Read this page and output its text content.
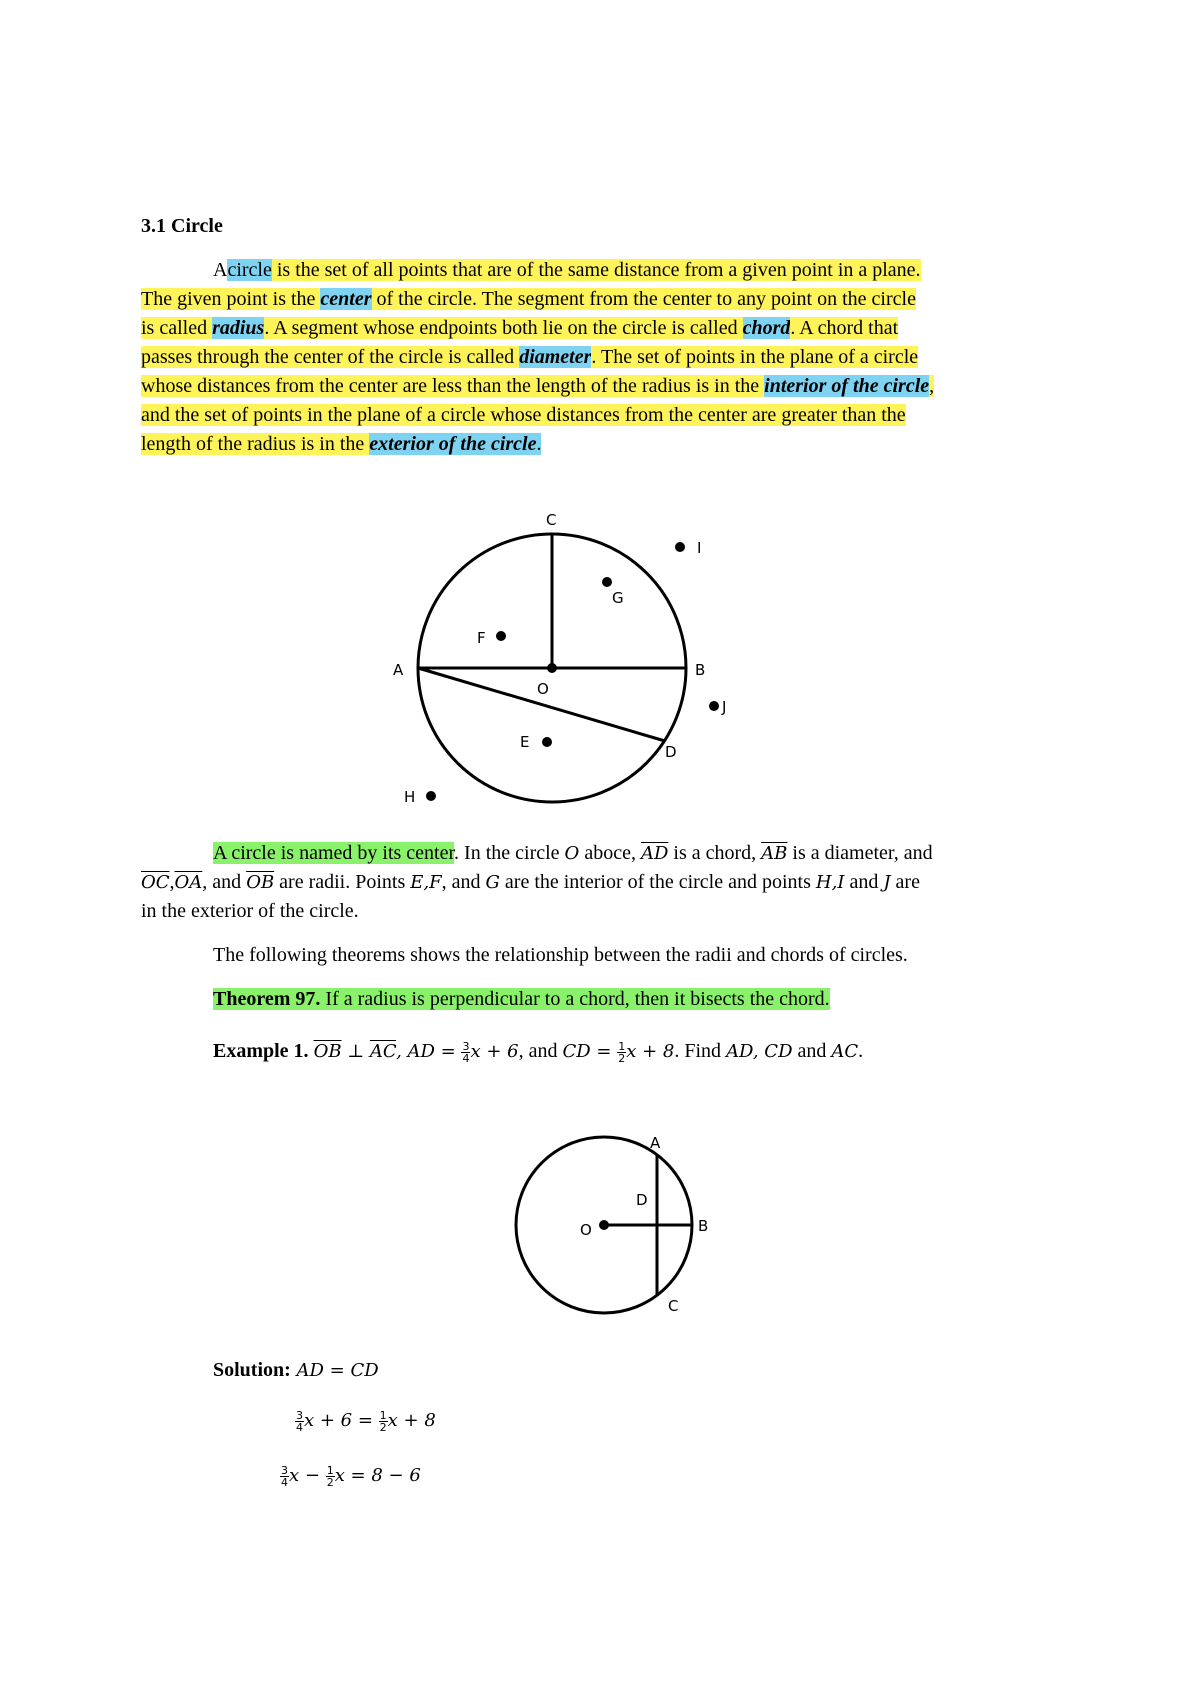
3.1 Circle
Acircle is the set of all points that are of the same distance from a given point in a plane.
The given point is the center of the circle. The segment from the center to any point on the circle
is called radius. A segment whose endpoints both lie on the circle is called chord. A chord that
passes through the center of the circle is called diameter. The set of points in the plane of a circle
whose distances from the center are less than the length of the radius is in the interior of the circle,
and the set of points in the plane of a circle whose distances from the center are greater than the
length of the radius is in the exterior of the circle.
C
I
G
F
A	B
O
J
E
D
H
A circle is named by its center. In the circle O aboce, $\overline{AD}$ is a chord, $\overline{AB}$ is a diameter, and
$\overline{OC},\overline{OA}$, and $\overline{OB}$ are radii. Points E,F, and G are the interior of the circle and points H,I and J are
in the exterior of the circle.
The following theorems shows the relationship between the radii and chords of circles.
Theorem 97. If a radius is perpendicular to a chord, then it bisects the chord.
Example 1. $\overline{OB}$ ⊥ $\overline{AC}$, AD = $\frac{3}{4}$ x + 6, and CD = $\frac{1}{2}$ x + 8. Find AD, CD and AC.
A
D
O	B
C
Solution: AD = CD
$\frac{3}{4}$ $x + 6 = \frac{1}{2}$ x + 8
$\frac{3}{4}$ $x - \frac{1}{2}$ x = 8 − 6
